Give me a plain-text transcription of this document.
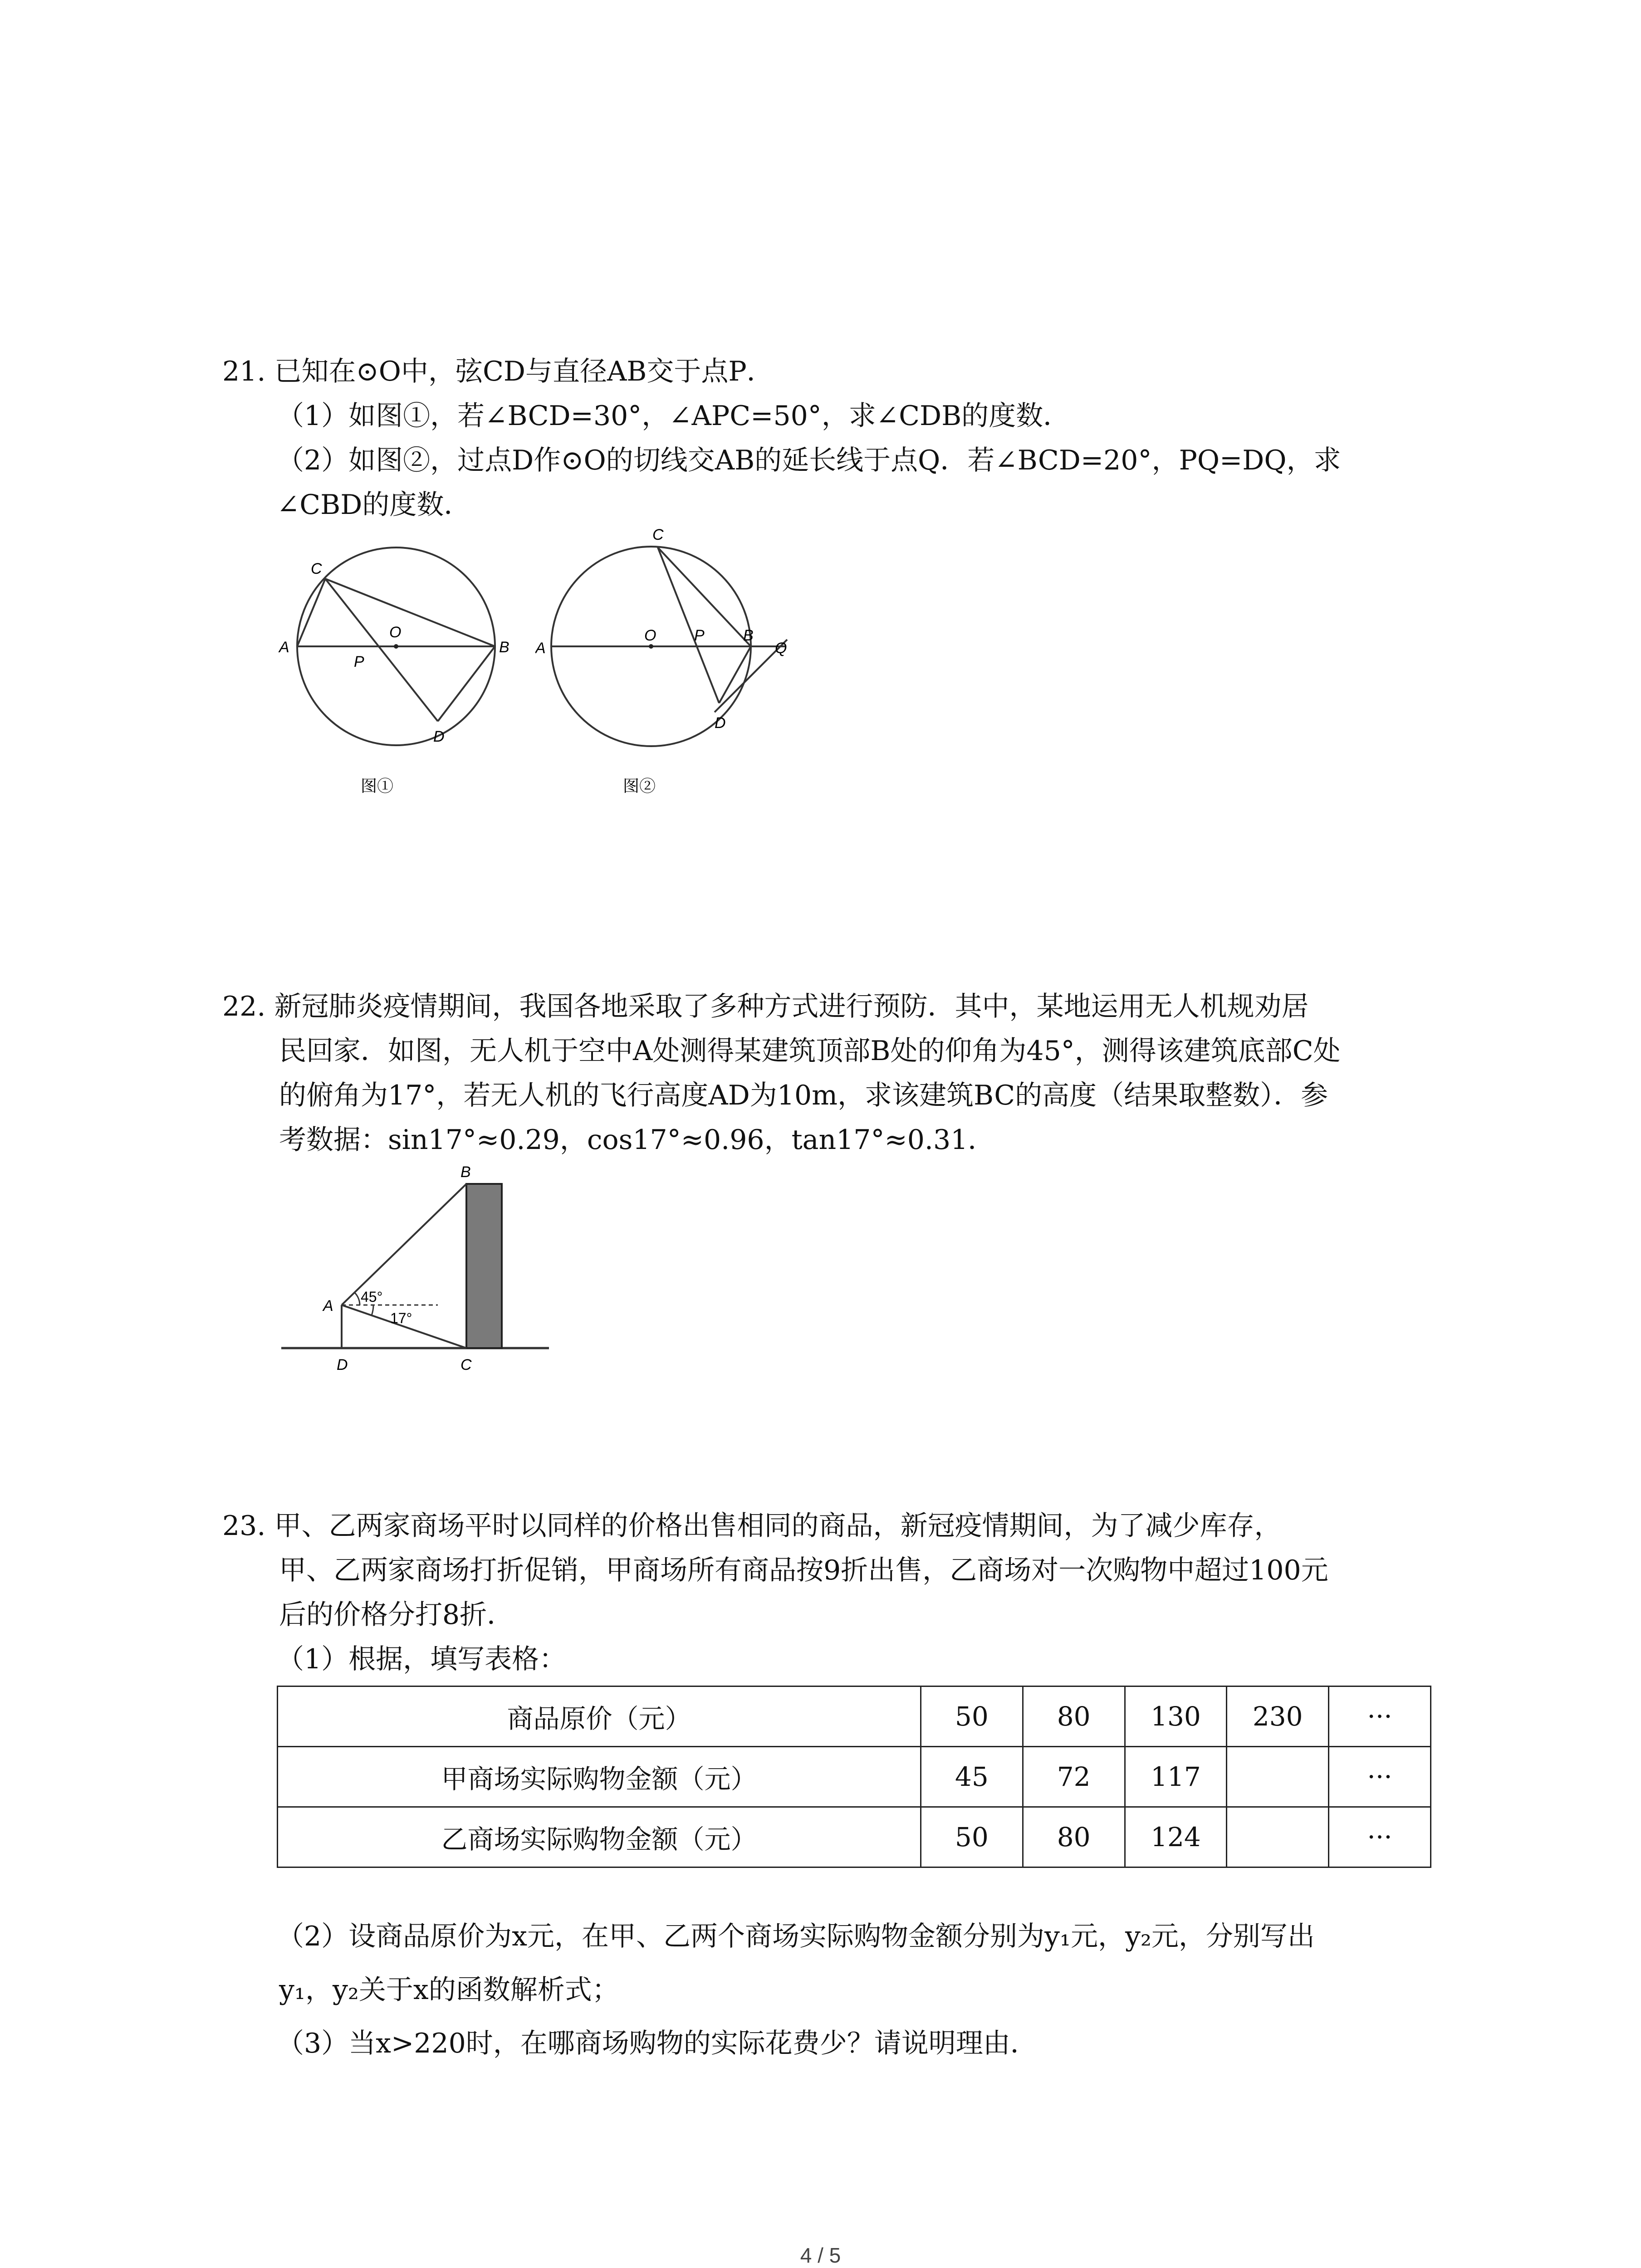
21. 已知在⊙O中，弦CD与直径AB交于点P．
（1）如图①，若∠BCD=30°，∠APC=50°，求∠CDB的度数．
（2）如图②，过点D作⊙O的切线交AB的延长线于点Q．若∠BCD=20°，PQ=DQ，求
∠CBD的度数．
C
A	B
O
P
D
图①
C
A
O P	B
Q
D
图②
22. 新冠肺炎疫情期间，我国各地采取了多种方式进行预防．其中，某地运用无人机规劝居
民回家．如图，无人机于空中A处测得某建筑顶部B处的仰角为45°，测得该建筑底部C处
的俯角为17°，若无人机的飞行高度AD为10m，求该建筑BC的高度（结果取整数）．参
考数据：sin17°≈0.29，cos17°≈0.96，tan17°≈0.31．
45°
17°
A
B
D	C
23. 甲、乙两家商场平时以同样的价格出售相同的商品，新冠疫情期间，为了减少库存，
甲、乙两家商场打折促销，甲商场所有商品按9折出售，乙商场对一次购物中超过100元
后的价格分打8折．
（1）根据，填写表格：
商品原价（元）	50	80	130	230	···
甲商场实际购物金额（元）	45	72	117		···
乙商场实际购物金额（元）	50	80	124		···
（2）设商品原价为x元，在甲、乙两个商场实际购物金额分别为y₁元，y₂元，分别写出
y₁，y₂关于x的函数解析式；
（3）当x>220时，在哪商场购物的实际花费少？请说明理由．
4 / 5
